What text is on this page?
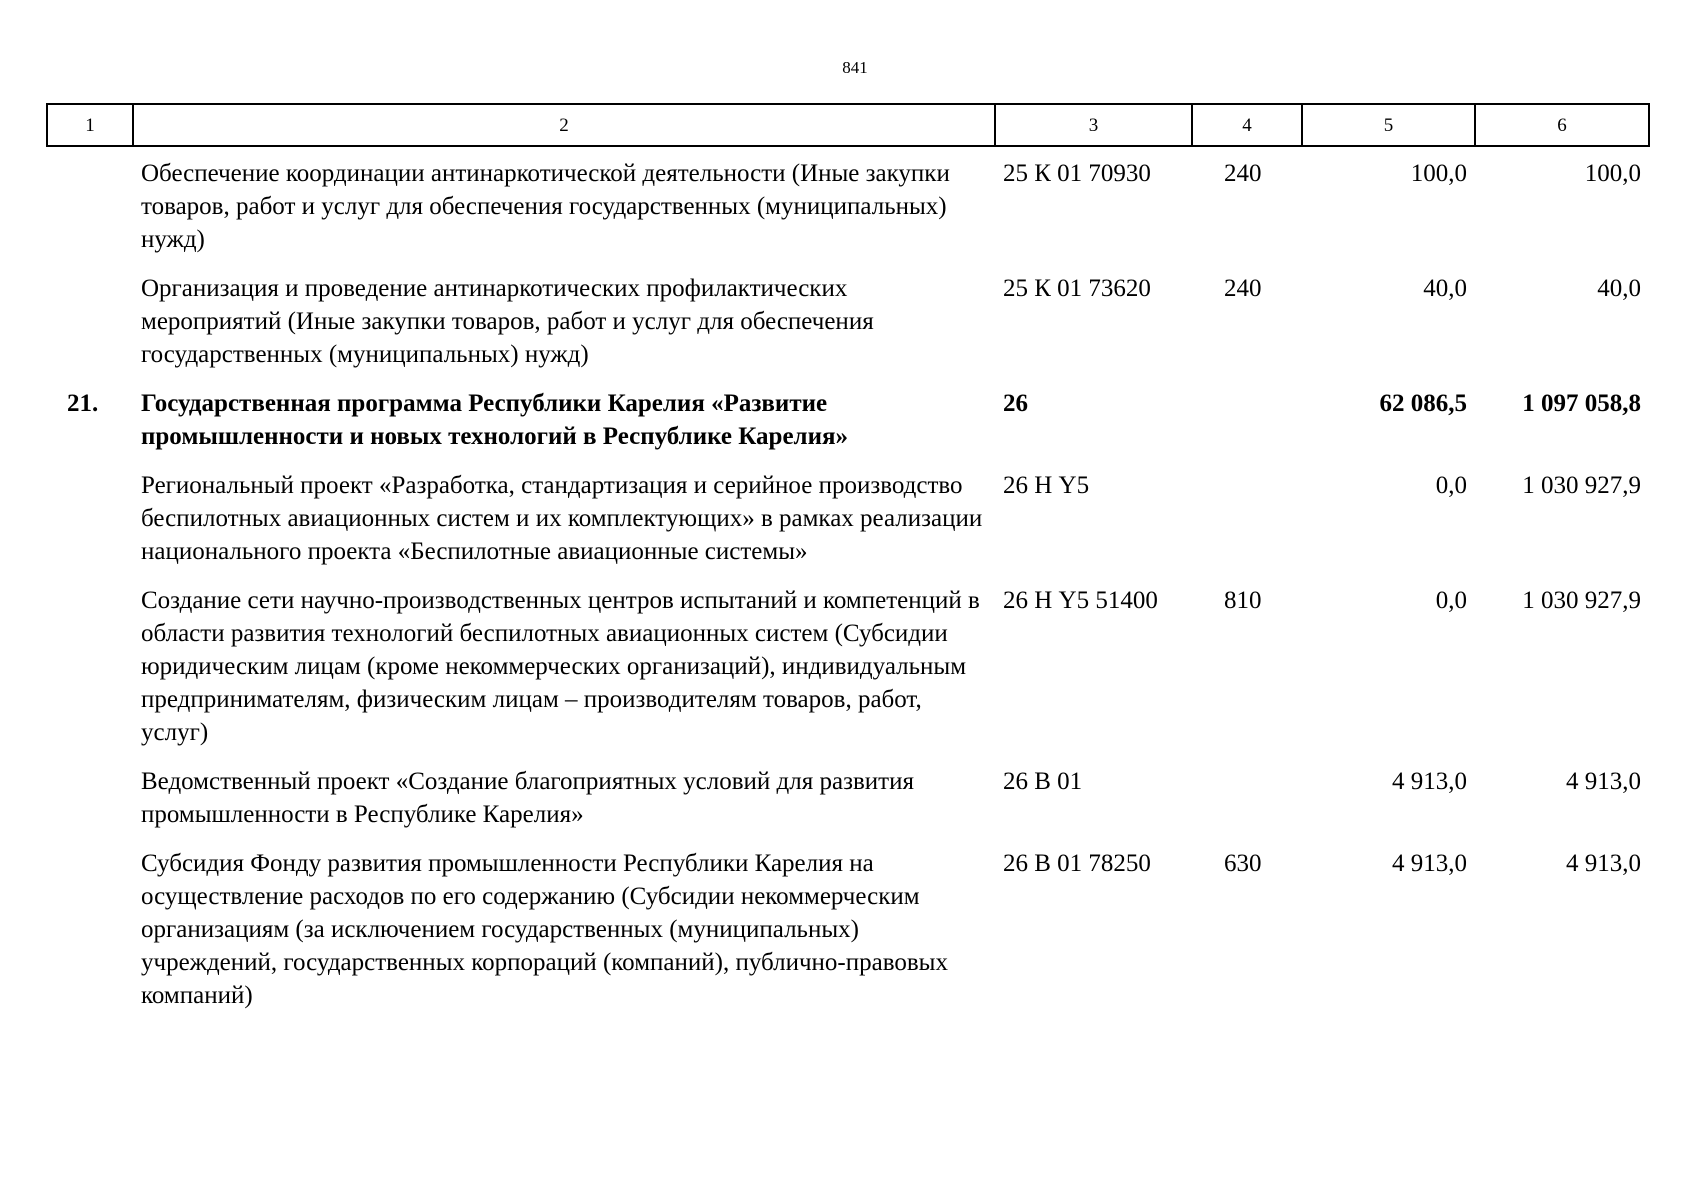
841
1	2	3	4	5	6
	Обеспечение координации антинаркотической деятельности (Иные закупки товаров, работ и услуг для обеспечения государственных (муниципальных) нужд)	25 К 01 70930	240	100,0	100,0
	Организация и проведение антинаркотических профилактических мероприятий (Иные закупки товаров, работ и услуг для обеспечения государственных (муниципальных) нужд)	25 К 01 73620	240	40,0	40,0
21.	Государственная программа Республики Карелия «Развитие промышленности и новых технологий в Республике Карелия»	26		62 086,5	1 097 058,8
	Региональный проект «Разработка, стандартизация и серийное производство беспилотных авиационных систем и их комплектующих» в рамках реализации национального проекта «Беспилотные авиационные системы»	26 Н Y5		0,0	1 030 927,9
	Создание сети научно-производственных центров испытаний и компетенций в области развития технологий беспилотных авиационных систем (Субсидии юридическим лицам (кроме некоммерческих организаций), индивидуальным предпринимателям, физическим лицам – производителям товаров, работ, услуг)	26 Н Y5 51400	810	0,0	1 030 927,9
	Ведомственный проект «Создание благоприятных условий для развития промышленности в Республике Карелия»	26 В 01		4 913,0	4 913,0
	Субсидия Фонду развития промышленности Республики Карелия на осуществление расходов по его содержанию (Субсидии некоммерческим организациям (за исключением государственных (муниципальных) учреждений, государственных корпораций (компаний), публично-правовых компаний)	26 В 01 78250	630	4 913,0	4 913,0
